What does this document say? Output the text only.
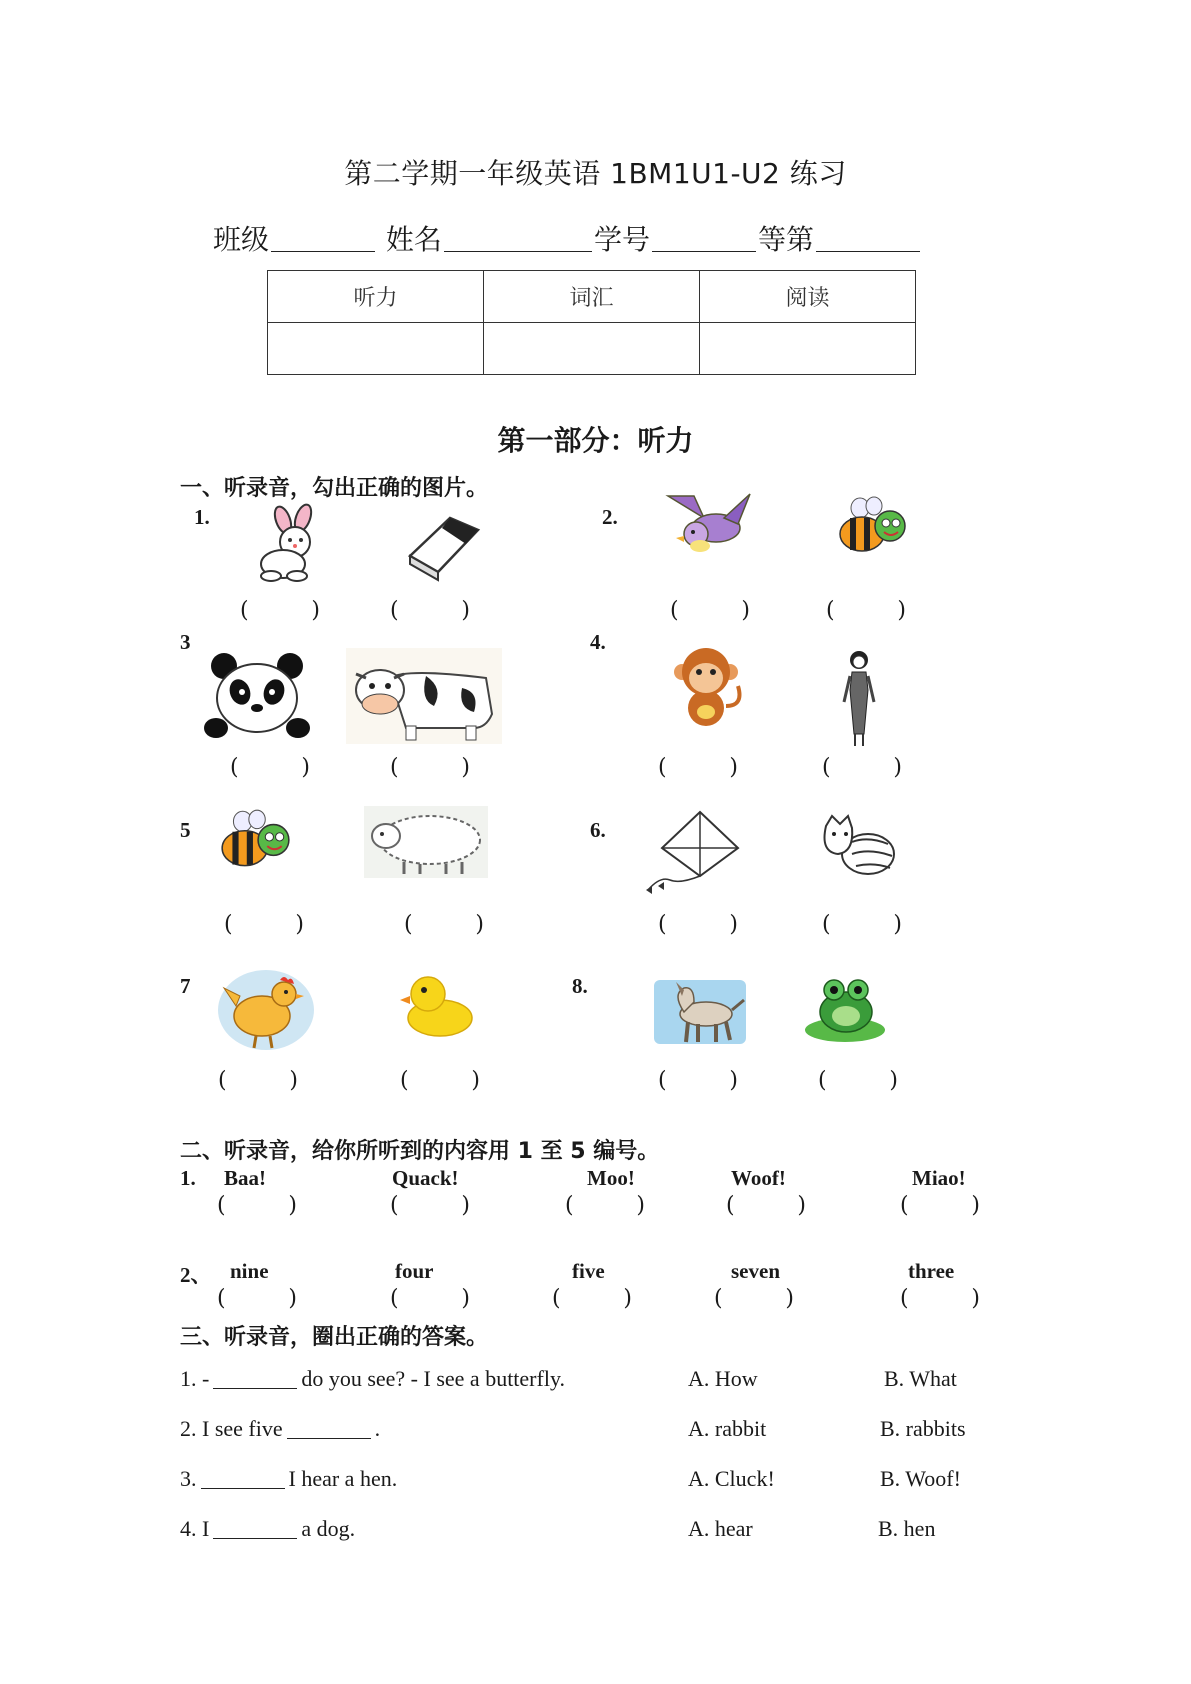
第二学期一年级英语 1BM1U1-U2 练习
班级	姓名	学号	等第
听力	词汇	阅读

第一部分：听力
一、听录音，勾出正确的图片。
1.	2.
3	4.
5	6.
7	8.
(	)	(	)	(	)	(	)
(	)	(	)	(	)	(	)
(	)	(	)	(	)	(	)
(	)	(	)	(	)	(	)
(	)	(	)	(	)	(	)	(	)
(	)	(	)	(	)	(	)	(	)
二、听录音，给你所听到的内容用 1 至 5 编号。
1. Baa!	Quack!	Moo!	Woof!	Miao!
2、 nine	four	five	seven	three
三、听录音，圈出正确的答案。
1. -	do you see? - I see a butterfly.	A. How	B. What
2. I see five	.	A. rabbit	B. rabbits
3.	I hear a hen.	A. Cluck!	B. Woof!
4. I	a dog.	A. hear	B. hen
